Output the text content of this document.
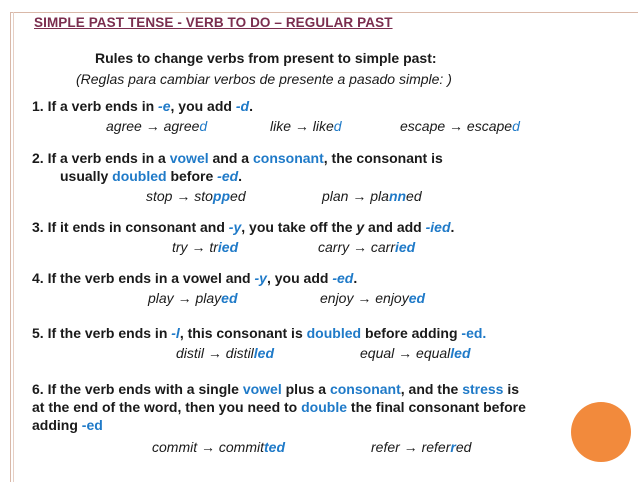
SIMPLE PAST TENSE - VERB TO DO – REGULAR PAST
Rules to change verbs from present to simple past:
(Reglas para cambiar verbos de presente a pasado simple: )
1. If a verb ends in -e, you add -d.
agree → agreed	like → liked	escape → escaped
2. If a verb ends in a vowel and a consonant, the consonant is
usually doubled before -ed.
stop → stopped	plan → planned
3. If it ends in consonant and -y, you take off the y and add -ied.
try → tried	carry → carried
4. If the verb ends in a vowel and -y, you add -ed.
play → played	enjoy → enjoyed
5. If the verb ends in -l, this consonant is doubled before adding -ed.
distil → distilled	equal → equalled
6. If the verb ends with a single vowel plus a consonant, and the stress is
at the end of the word, then you need to double the final consonant before
adding -ed
commit → committed	refer → referred
